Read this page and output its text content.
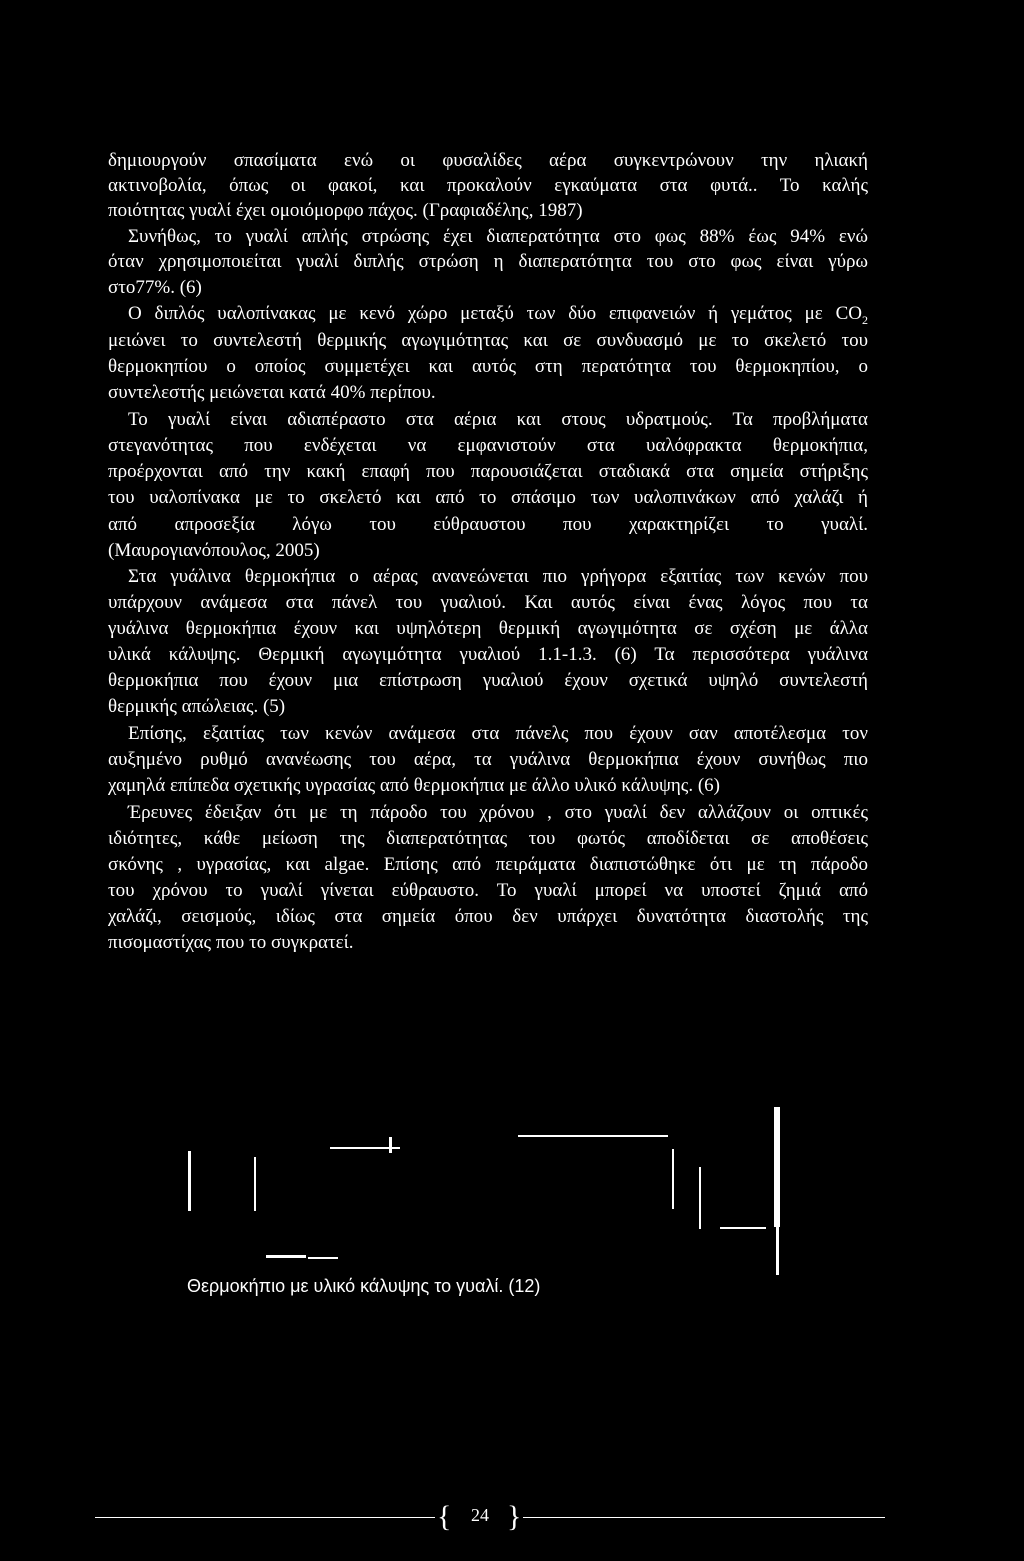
δημιουργούν σπασίματα ενώ οι φυσαλίδες αέρα συγκεντρώνουν την ηλιακή
ακτινοβολία, όπως οι φακοί, και προκαλούν εγκαύματα στα φυτά.. Το καλής
ποιότητας γυαλί έχει ομοιόμορφο πάχος. (Γραφιαδέλης, 1987)
Συνήθως, το γυαλί απλής στρώσης έχει διαπερατότητα στο φως 88% έως 94% ενώ
όταν χρησιμοποιείται γυαλί διπλής στρώση η διαπερατότητα του στο φως είναι γύρω
στο77%. (6)
Ο διπλός υαλοπίνακας με κενό χώρο μεταξύ των δύο επιφανειών ή γεμάτος με $CO_2$
μειώνει το συντελεστή θερμικής αγωγιμότητας και σε συνδυασμό με το σκελετό του
θερμοκηπίου ο οποίος συμμετέχει και αυτός στη περατότητα του θερμοκηπίου, ο
συντελεστής μειώνεται κατά 40% περίπου.
Το γυαλί είναι αδιαπέραστο στα αέρια και στους υδρατμούς. Τα προβλήματα
στεγανότητας που ενδέχεται να εμφανιστούν στα υαλόφρακτα θερμοκήπια,
προέρχονται από την κακή επαφή που παρουσιάζεται σταδιακά στα σημεία στήριξης
του υαλοπίνακα με το σκελετό και από το σπάσιμο των υαλοπινάκων από χαλάζι ή
από απροσεξία λόγω του εύθραυστου που χαρακτηρίζει το γυαλί.
(Μαυρογιανόπουλος, 2005)
Στα γυάλινα θερμοκήπια ο αέρας ανανεώνεται πιο γρήγορα εξαιτίας των κενών που
υπάρχουν ανάμεσα στα πάνελ του γυαλιού. Και αυτός είναι ένας λόγος που τα
γυάλινα θερμοκήπια έχουν και υψηλότερη θερμική αγωγιμότητα σε σχέση με άλλα
υλικά κάλυψης. Θερμική αγωγιμότητα γυαλιού 1.1-1.3. (6) Τα περισσότερα γυάλινα
θερμοκήπια που έχουν μια επίστρωση γυαλιού έχουν σχετικά υψηλό συντελεστή
θερμικής απώλειας. (5)
Επίσης, εξαιτίας των κενών ανάμεσα στα πάνελς που έχουν σαν αποτέλεσμα τον
αυξημένο ρυθμό ανανέωσης του αέρα, τα γυάλινα θερμοκήπια έχουν συνήθως πιο
χαμηλά επίπεδα σχετικής υγρασίας από θερμοκήπια με άλλο υλικό κάλυψης. (6)
Έρευνες έδειξαν ότι με τη πάροδο του χρόνου , στο γυαλί δεν αλλάζουν οι οπτικές
ιδιότητες, κάθε μείωση της διαπερατότητας του φωτός αποδίδεται σε αποθέσεις
σκόνης , υγρασίας, και algae. Επίσης από πειράματα διαπιστώθηκε ότι με τη πάροδο
του χρόνου το γυαλί γίνεται εύθραυστο. Το γυαλί μπορεί να υποστεί ζημιά από
χαλάζι, σεισμούς, ιδίως στα σημεία όπου δεν υπάρχει δυνατότητα διαστολής της
πισομαστίχας που το συγκρατεί.
Θερμοκήπιο με υλικό κάλυψης το γυαλί. (12)
{	24 }
